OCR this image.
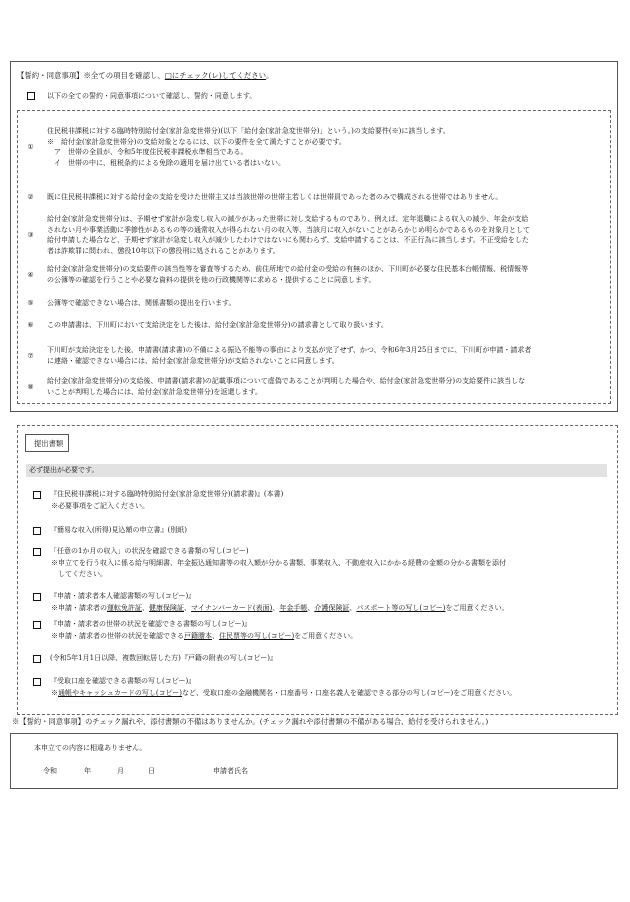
【誓約・同意事項】※全ての項目を確認し、□にチェック(レ)してください。
以下の全ての誓約・同意事項について確認し、誓約・同意します。
①
住民税非課税に対する臨時特別給付金(家計急変世帯分)(以下「給付金(家計急変世帯分)」という。)の支給要件(※)に該当します。
※　給付金(家計急変世帯分)の支給対象となるには、以下の要件を全て満たすことが必要です。
　ア　世帯の全員が、令和5年度住民税非課税水準相当である。
　イ　世帯の中に、租税条約による免除の適用を届け出ている者はいない。
②	既に住民税非課税に対する給付金の支給を受けた世帯主又は当該世帯の世帯主若しくは世帯員であった者のみで構成される世帯ではありません。
③
給付金(家計急変世帯分)は、予期せず家計が急変し収入の減少があった世帯に対し支給するものであり、例えば、定年退職による収入の減少、年金が支給
されない月や事業活動に季節性があるもの等の通常収入が得られない月の収入等、当該月に収入がないことがあらかじめ明らかであるものを対象月として
給付申請した場合など、予期せず家計が急変し収入が減少したわけではないにも関わらず、支給申請することは、不正行為に該当します。不正受給をした
者は詐欺罪に問われ、懲役10年以下の懲役刑に処されることがあります。
④
給付金(家計急変世帯分)の支給要件の該当性等を審査等するため、前住所地での給付金の受給の有無のほか、下川町が必要な住民基本台帳情報、税情報等
の公簿等の確認を行うことや必要な資料の提供を他の行政機関等に求める・提供することに同意します。
⑤	公簿等で確認できない場合は、関係書類の提出を行います。
⑥	この申請書は、下川町において支給決定をした後は、給付金(家計急変世帯分)の請求書として取り扱います。
⑦
下川町が支給決定をした後、申請書(請求書)の不備による振込不能等の事由により支払が完了せず、かつ、令和6年3月25日までに、下川町が申請・請求者
に連絡・確認できない場合には、給付金(家計急変世帯分)が支給されないことに同意します。
⑧
給付金(家計急変世帯分)の支給後、申請書(請求書)の記載事項について虚偽であることが判明した場合や、給付金(家計急変世帯分)の支給要件に該当しな
いことが判明した場合には、給付金(家計急変世帯分)を返還します。
提出書類
必ず提出が必要です。
『住民税非課税に対する臨時特別給付金(家計急変世帯分)(請求書)』(本書)
※必要事項をご記入ください。
『簡易な収入(所得)見込額の申立書』(別紙)
「任意の1か月の収入」の状況を確認できる書類の写し(コピー)
※申立てを行う収入に係る給与明細書、年金振込通知書等の収入額が分かる書類、事業収入、不動産収入にかかる経費の金額の分かる書類を添付
　してください。
『申請・請求者本人確認書類の写し(コピー)』
※申請・請求者の運転免許証、健康保険証、マイナンバーカード(表面)、年金手帳、介護保険証、パスポート等の写し(コピー)をご用意ください。
『申請・請求者の世帯の状況を確認できる書類の写し(コピー)』
※申請・請求者の世帯の状況を確認できる戸籍謄本、住民票等の写し(コピー)をご用意ください。
(令和5年1月1日以降、複数回転居した方)『戸籍の附表の写し(コピー)』
『受取口座を確認できる書類の写し(コピー)』
※通帳やキャッシュカードの写し(コピー)など、受取口座の金融機関名・口座番号・口座名義人を確認できる部分の写し(コピー)をご用意ください。
※【誓約・同意事項】のチェック漏れや、添付書類の不備はありませんか。(チェック漏れや添付書類の不備がある場合、給付を受けられません。)
本申立ての内容に相違ありません。
令和	年	月	日	申請者氏名
